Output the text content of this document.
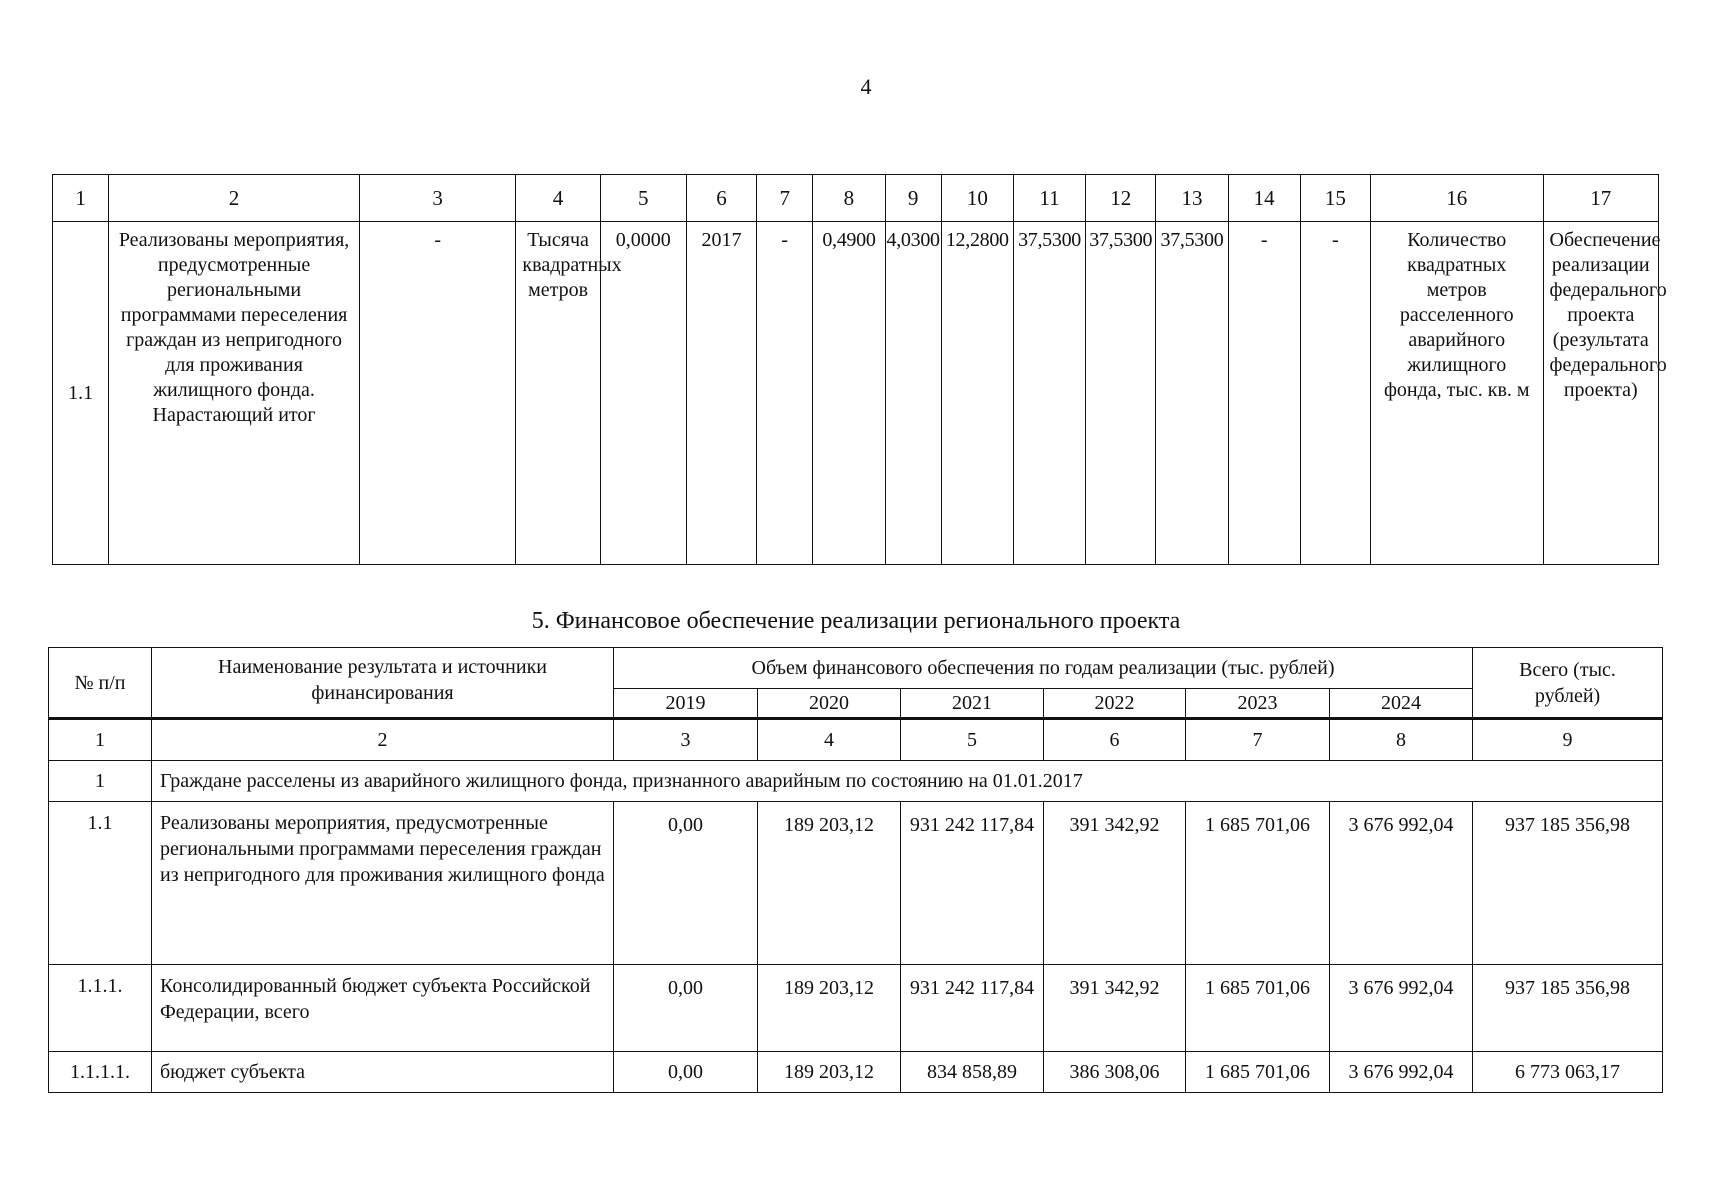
4
1	2	3	4	5	6	7	8	9	10	11	12	13	14	15	16	17
1.1	Реализованы мероприятия, предусмотренные региональными программами переселения граждан из непригодного для проживания жилищного фонда. Нарастающий итог	-	Тысяча квадратных метров	0,0000	2017	-	0,4900	4,0300	12,2800	37,5300	37,5300	37,5300	-	-	Количество квадратных метров расселенного аварийного жилищного фонда, тыс. кв. м	Обеспечение реализации федерального проекта (результата федерального проекта)
5. Финансовое обеспечение реализации регионального проекта
№ п/п	Наименование результата и источники финансирования	Объем финансового обеспечения по годам реализации (тыс. рублей)						Всего (тыс. рублей)
		2019	2020	2021	2022	2023	2024	
1	2	3	4	5	6	7	8	9
1	Граждане расселены из аварийного жилищного фонда, признанного аварийным по состоянию на 01.01.2017							
1.1	Реализованы мероприятия, предусмотренные региональными программами переселения граждан из непригодного для проживания жилищного фонда	0,00	189 203,12	931 242 117,84	391 342,92	1 685 701,06	3 676 992,04	937 185 356,98
1.1.1.	Консолидированный бюджет субъекта Российской Федерации, всего	0,00	189 203,12	931 242 117,84	391 342,92	1 685 701,06	3 676 992,04	937 185 356,98
1.1.1.1.	бюджет субъекта	0,00	189 203,12	834 858,89	386 308,06	1 685 701,06	3 676 992,04	6 773 063,17
